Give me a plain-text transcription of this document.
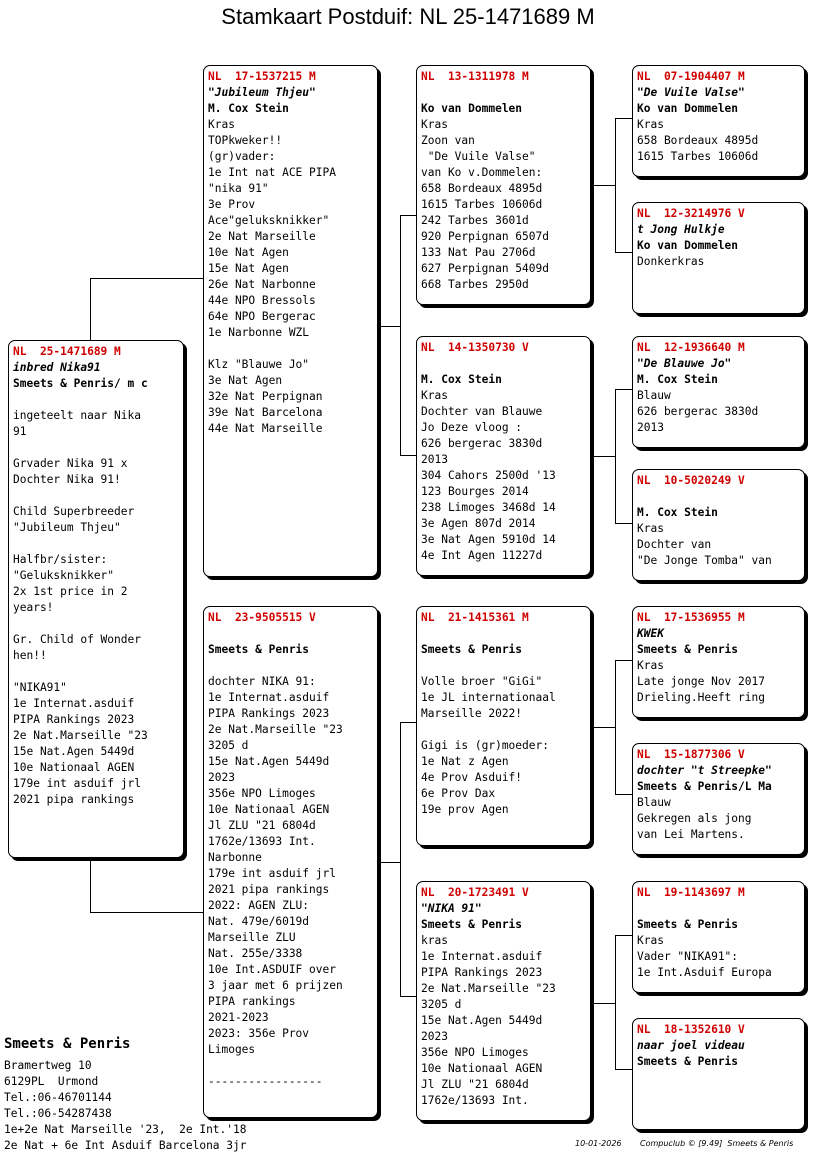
Stamkaart Postduif: NL 25-1471689 M
NL  25-1471689 M
inbred Nika91
Smeets & Penris/ m c
ingeteelt naar Nika
91
Grvader Nika 91 x
Dochter Nika 91!
Child Superbreeder
"Jubileum Thjeu"
Halfbr/sister:
"Geluksknikker"
2x 1st price in 2
years!
Gr. Child of Wonder
hen!!
"NIKA91"
1e Internat.asduif
PIPA Rankings 2023
2e Nat.Marseille "23
15e Nat.Agen 5449d
10e Nationaal AGEN
179e int asduif jrl
2021 pipa rankings
NL  17-1537215 M
"Jubileum Thjeu"
M. Cox Stein
Kras
TOPkweker!!
(gr)vader:
1e Int nat ACE PIPA
"nika 91"
3e Prov
Ace"geluksknikker"
2e Nat Marseille
10e Nat Agen
15e Nat Agen
26e Nat Narbonne
44e NPO Bressols
64e NPO Bergerac
1e Narbonne WZL
Klz "Blauwe Jo"
3e Nat Agen
32e Nat Perpignan
39e Nat Barcelona
44e Nat Marseille
NL  23-9505515 V
Smeets & Penris
dochter NIKA 91:
1e Internat.asduif
PIPA Rankings 2023
2e Nat.Marseille "23
3205 d
15e Nat.Agen 5449d
2023
356e NPO Limoges
10e Nationaal AGEN
Jl ZLU "21 6804d
1762e/13693 Int.
Narbonne
179e int asduif jrl
2021 pipa rankings
2022: AGEN ZLU:
Nat. 479e/6019d
Marseille ZLU
Nat. 255e/3338
10e Int.ASDUIF over
3 jaar met 6 prijzen
PIPA rankings
2021-2023
2023: 356e Prov
Limoges
-----------------
NL  13-1311978 M
Ko van Dommelen
Kras
Zoon van
"De Vuile Valse"
van Ko v.Dommelen:
658 Bordeaux 4895d
1615 Tarbes 10606d
242 Tarbes 3601d
920 Perpignan 6507d
133 Nat Pau 2706d
627 Perpignan 5409d
668 Tarbes 2950d
NL  14-1350730 V
M. Cox Stein
Kras
Dochter van Blauwe
Jo Deze vloog :
626 bergerac 3830d
2013
304 Cahors 2500d '13
123 Bourges 2014
238 Limoges 3468d 14
3e Agen 807d 2014
3e Nat Agen 5910d 14
4e Int Agen 11227d
NL  21-1415361 M
Smeets & Penris
Volle broer "GiGi"
1e JL internationaal
Marseille 2022!
Gigi is (gr)moeder:
1e Nat z Agen
4e Prov Asduif!
6e Prov Dax
19e prov Agen
NL  20-1723491 V
"NIKA 91"
Smeets & Penris
kras
1e Internat.asduif
PIPA Rankings 2023
2e Nat.Marseille "23
3205 d
15e Nat.Agen 5449d
2023
356e NPO Limoges
10e Nationaal AGEN
Jl ZLU "21 6804d
1762e/13693 Int.
NL  07-1904407 M
"De Vuile Valse"
Ko van Dommelen
Kras
658 Bordeaux 4895d
1615 Tarbes 10606d
NL  12-3214976 V
t Jong Hulkje
Ko van Dommelen
Donkerkras
NL  12-1936640 M
"De Blauwe Jo"
M. Cox Stein
Blauw
626 bergerac 3830d
2013
NL  10-5020249 V
M. Cox Stein
Kras
Dochter van
"De Jonge Tomba" van
NL  17-1536955 M
KWEK
Smeets & Penris
Kras
Late jonge Nov 2017
Drieling.Heeft ring
NL  15-1877306 V
dochter "t Streepke"
Smeets & Penris/L Ma
Blauw
Gekregen als jong
van Lei Martens.
NL  19-1143697 M
Smeets & Penris
Kras
Vader "NIKA91":
1e Int.Asduif Europa
NL  18-1352610 V
naar joel videau
Smeets & Penris
Smeets & Penris
Bramertweg 10
6129PL  Urmond
Tel.:06-46701144
Tel.:06-54287438
1e+2e Nat Marseille '23,  2e Int.'18
2e Nat + 6e Int Asduif Barcelona 3jr	10-01-2026 Compuclub © [9.49]  Smeets & Penris
